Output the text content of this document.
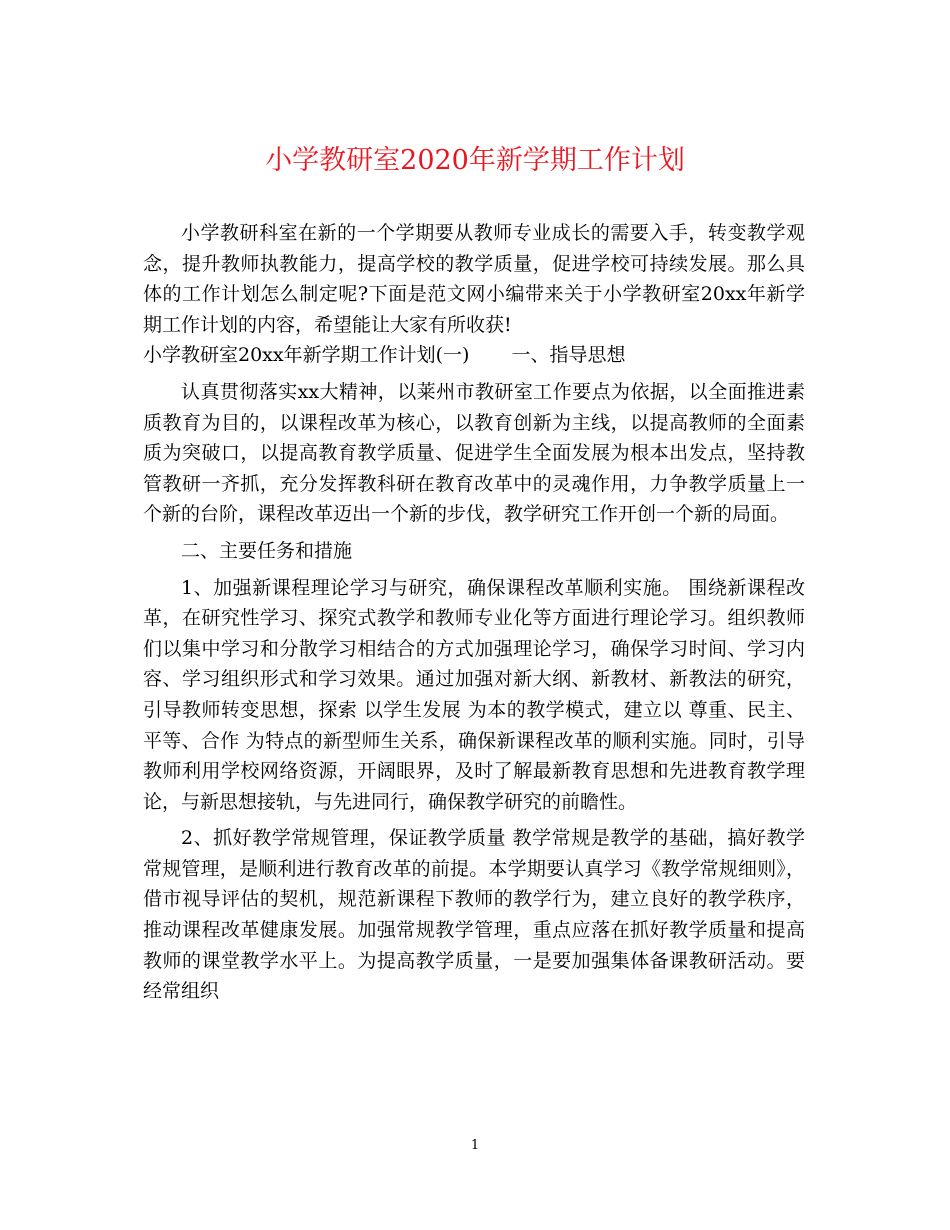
小学教研室2020年新学期工作计划

小学教研科室在新的一个学期要从教师专业成长的需要入手，转变教学观念，提升教师执教能力，提高学校的教学质量，促进学校可持续发展。那么具体的工作计划怎么制定呢?下面是范文网小编带来关于小学教研室20xx年新学期工作计划的内容，希望能让大家有所收获!

小学教研室20xx年新学期工作计划(一) 一、指导思想

认真贯彻落实xx大精神，以莱州市教研室工作要点为依据，以全面推进素质教育为目的，以课程改革为核心，以教育创新为主线，以提高教师的全面素质为突破口，以提高教育教学质量、促进学生全面发展为根本出发点，坚持教管教研一齐抓，充分发挥教科研在教育改革中的灵魂作用，力争教学质量上一个新的台阶，课程改革迈出一个新的步伐，教学研究工作开创一个新的局面。

二、主要任务和措施

1、加强新课程理论学习与研究，确保课程改革顺利实施。 围绕新课程改革，在研究性学习、探究式教学和教师专业化等方面进行理论学习。组织教师们以集中学习和分散学习相结合的方式加强理论学习，确保学习时间、学习内容、学习组织形式和学习效果。通过加强对新大纲、新教材、新教法的研究，引导教师转变思想，探索 以学生发展 为本的教学模式，建立以 尊重、民主、平等、合作 为特点的新型师生关系，确保新课程改革的顺利实施。同时，引导教师利用学校网络资源，开阔眼界，及时了解最新教育思想和先进教育教学理论，与新思想接轨，与先进同行，确保教学研究的前瞻性。

2、抓好教学常规管理，保证教学质量 教学常规是教学的基础，搞好教学常规管理，是顺利进行教育改革的前提。本学期要认真学习《教学常规细则》，借市视导评估的契机，规范新课程下教师的教学行为，建立良好的教学秩序，推动课程改革健康发展。加强常规教学管理，重点应落在抓好教学质量和提高教师的课堂教学水平上。为提高教学质量，一是要加强集体备课教研活动。要经常组织

1
